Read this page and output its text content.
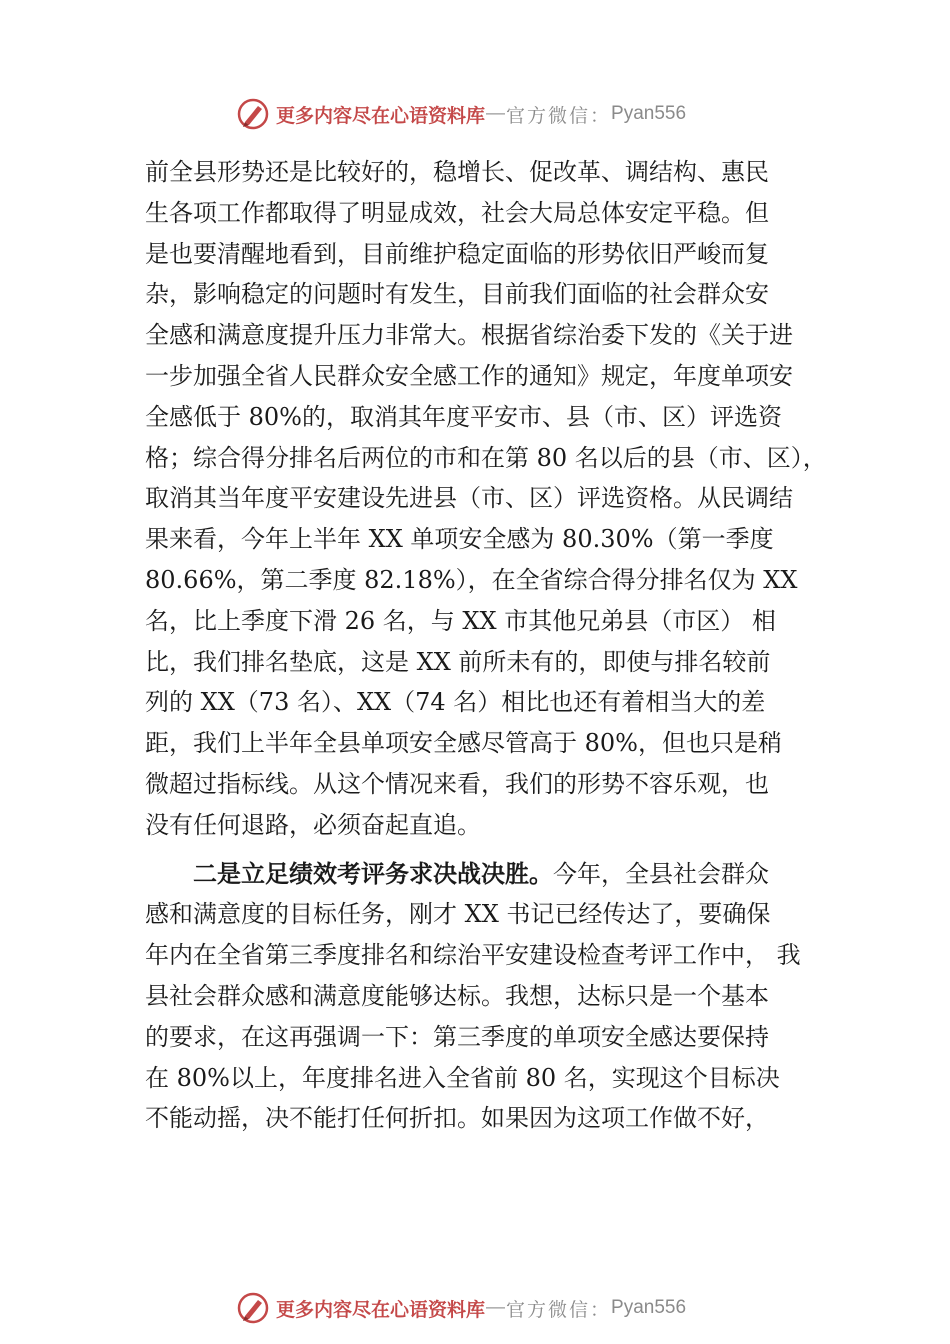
更多内容尽在心语资料库 — 官方微信： Pyan556
前全县形势还是比较好的，稳增长、促改革、调结构、惠民
生各项工作都取得了明显成效，社会大局总体安定平稳。但
是也要清醒地看到，目前维护稳定面临的形势依旧严峻而复
杂，影响稳定的问题时有发生，目前我们面临的社会群众安
全感和满意度提升压力非常大。根据省综治委下发的《关于进
一步加强全省人民群众安全感工作的通知》规定，年度单项安
全感低于 80%的，取消其年度平安市、县（市、区）评选资
格；综合得分排名后两位的市和在第 80 名以后的县（市、区），
取消其当年度平安建设先进县（市、区）评选资格。从民调结
果来看，今年上半年 XX 单项安全感为 80.30%（第一季度
80.66%，第二季度 82.18%），在全省综合得分排名仅为 XX
名，比上季度下滑 26 名，与 XX 市其他兄弟县（市区） 相
比，我们排名垫底，这是 XX 前所未有的，即使与排名较前
列的 XX（73 名）、XX（74 名）相比也还有着相当大的差
距，我们上半年全县单项安全感尽管高于 80%，但也只是稍
微超过指标线。从这个情况来看，我们的形势不容乐观，也
没有任何退路，必须奋起直追。
二是立足绩效考评务求决战决胜。今年，全县社会群众
感和满意度的目标任务，刚才 XX 书记已经传达了，要确保
年内在全省第三季度排名和综治平安建设检查考评工作中， 我
县社会群众感和满意度能够达标。我想，达标只是一个基本
的要求，在这再强调一下：第三季度的单项安全感达要保持
在 80%以上，年度排名进入全省前 80 名，实现这个目标决
不能动摇，决不能打任何折扣。如果因为这项工作做不好，
更多内容尽在心语资料库 — 官方微信： Pyan556
